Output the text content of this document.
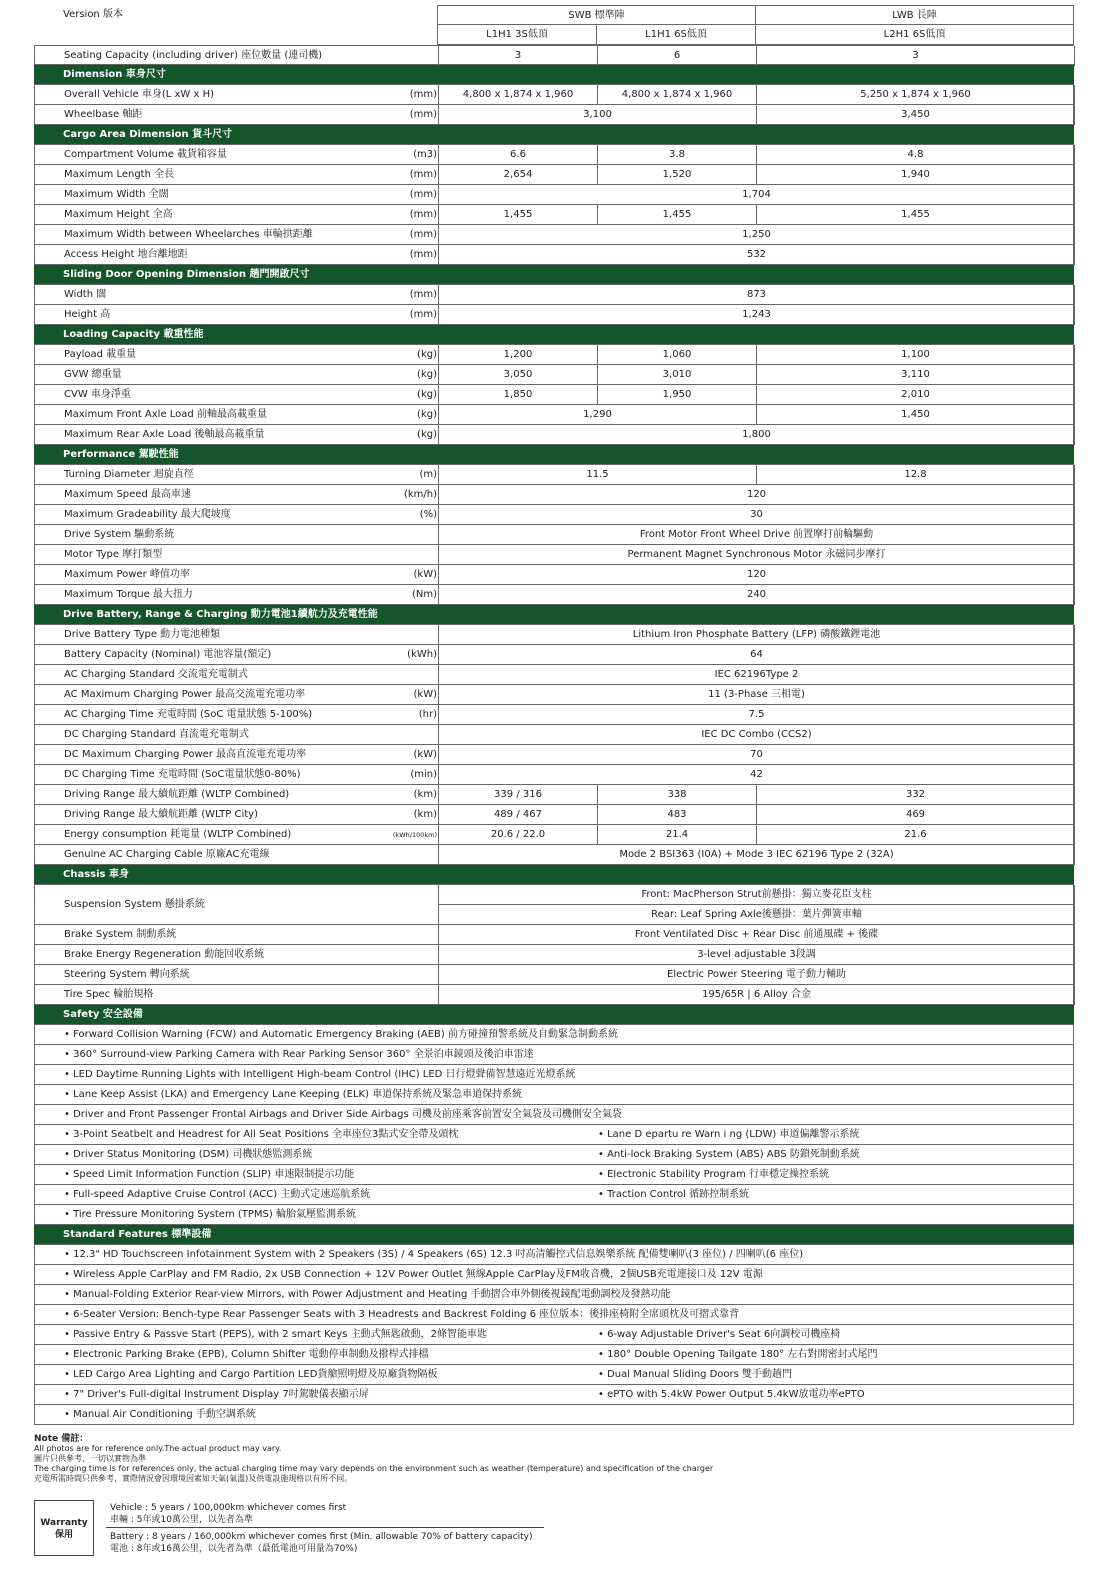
Version 版本	SWB 標準陣	LWB 長陣
L1H1 3S低頂	L1H1 6S低頂	L2H1 6S低頂
Seating Capacity (including driver) 座位數量 (連司機)	3	6	3
Dimension 車身尺寸
Overall Vehicle 車身(L xW x H)	(mm)	4,800 x 1,874 x 1,960	4,800 x 1,874 x 1,960	5,250 x 1,874 x 1,960
Wheelbase 軸距	(mm)	3,100	3,450
Cargo Area Dimension 貨斗尺寸
Compartment Volume 載貨箱容量	(m3)	6.6	3.8	4.8
Maximum Length 全長	(mm)	2,654	1,520	1,940
Maximum Width 全闊	(mm)	1,704
Maximum Height 全高	(mm)	1,455	1,455	1,455
Maximum Width between Wheelarches 車輪拱距離	(mm)	1,250
Access Height 地台離地距	(mm)	532
Sliding Door Opening Dimension 趟門開啟尺寸
Width 闊	(mm)	873
Height 高	(mm)	1,243
Loading Capacity 載重性能
Payload 載重量	(kg)	1,200	1,060	1,100
GVW 總重量	(kg)	3,050	3,010	3,110
CVW 車身淨重	(kg)	1,850	1,950	2,010
Maximum Front Axle Load 前軸最高載重量	(kg)	1,290	1,450
Maximum Rear Axle Load 後軸最高載重量	(kg)	1,800
Performance 駕駛性能
Turning Diameter 迴旋直徑	(m)	11.5	12.8
Maximum Speed 最高車速	(km/h)	120
Maximum Gradeability 最大爬坡度	(%)	30
Drive System 驅動系統	Front Motor Front Wheel Drive 前置摩打前輪驅動
Motor Type 摩打類型	Permanent Magnet Synchronous Motor 永磁同步摩打
Maximum Power 峰值功率	(kW)	120
Maximum Torque 最大扭力	(Nm)	240
Drive Battery, Range & Charging 動力電池1續航力及充電性能
Drive Battery Type 動力電池種類	Lithium Iron Phosphate Battery (LFP) 磷酸鐵鋰電池
Battery Capacity (Nominal) 電池容量(額定)	(kWh)	64
AC Charging Standard 交流電充電制式	IEC 62196Type 2
AC Maximum Charging Power 最高交流電充電功率	(kW)	11 (3-Phase 三相電)
AC Charging Time 充電時間 (SoC 電量狀態 5-100%)	(hr)	7.5
DC Charging Standard 直流電充電制式	IEC DC Combo (CCS2)
DC Maximum Charging Power 最高直流電充電功率	(kW)	70
DC Charging Time 充電時間 (SoC電量狀態0-80%)	(min)	42
Driving Range 最大續航距離 (WLTP Combined)	(km)	339 / 316	338	332
Driving Range 最大續航距離 (WLTP City)	(km)	489 / 467	483	469
Energy consumption 耗電量 (WLTP Combined)	(kWh/100km)	20.6 / 22.0	21.4	21.6
Genuine AC Charging Cable 原廠AC充電線	Mode 2 BSI363 (I0A) + Mode 3 IEC 62196 Type 2 (32A)
Chassis 車身
Suspension System 懸掛系統
Front: MacPherson Strut前懸掛：獨立麥花臣支柱
Rear: Leaf Spring Axle後懸掛：葉片彈簧車軸
Brake System 制動系統	Front Ventilated Disc + Rear Disc 前通風碟 + 後碟
Brake Energy Regeneration 動能回收系統	3-level adjustable 3段調
Steering System 轉向系統	Electric Power Steering 電子動力輔助
Tire Spec 輪胎規格	195/65R | 6 Alloy 合金
Safety 安全設備
• Forward Collision Warning (FCW) and Automatic Emergency Braking (AEB) 前方碰撞預警系統及自動緊急制動系統
• 360° Surround-view Parking Camera with Rear Parking Sensor 360° 全景泊車鏡頭及後泊車雷達
• LED Daytime Running Lights with Intelligent High-beam Control (IHC) LED 日行燈聲備智慧遠近光燈系統
• Lane Keep Assist (LKA) and Emergency Lane Keeping (ELK) 車道保持系統及緊急車道保持系統
• Driver and Front Passenger Frontal Airbags and Driver Side Airbags 司機及前座乘客前置安全氣袋及司機側安全氣袋
• 3-Point Seatbelt and Headrest for All Seat Positions 全車座位3點式安全帶及頭枕	• Lane D epartu re Warn i ng (LDW) 車道偏離警示系統
• Driver Status Monitoring (DSM) 司機狀態監測系統	• Anti-lock Braking System (ABS) ABS 防鎖死制動系統
• Speed Limit Information Function (SLIP) 車速限制提示功能	• Electronic Stability Program 行車穩定操控系統
• Full-speed Adaptive Cruise Control (ACC) 主動式定速巡航系統	• Traction Control 循跡控制系統
• Tire Pressure Monitoring System (TPMS) 輪胎氣壓監測系統
Standard Features 標準設備
• 12.3" HD Touchscreen Infotainment System with 2 Speakers (3S) / 4 Speakers (6S) 12.3 吋高清觸控式信息娛樂系統 配備雙喇叭(3 座位) / 四喇叭(6 座位)
• Wireless Apple CarPlay and FM Radio, 2x USB Connection + 12V Power Outlet 無線Apple CarPlay及FM收音機，2個USB充電連接口及 12V 電源
• Manual-Folding Exterior Rear-view Mirrors, with Power Adjustment and Heating 手動摺合車外側後視鏡配電動調校及發熱功能
• 6-Seater Version: Bench-type Rear Passenger Seats with 3 Headrests and Backrest Folding 6 座位版本：後排座椅附全席頭枕及可摺式靠背
• Passive Entry & Passve Start (PEPS), with 2 smart Keys 主動式無匙啟動，2條智能車匙	• 6-way Adjustable Driver's Seat 6向調校司機座椅
• Electronic Parking Brake (EPB), Column Shifter 電動停車制動及撥桿式排檔	• 180° Double Opening Tailgate 180° 左右對開密封式尾門
• LED Cargo Area Lighting and Cargo Partition LED貨艙照明燈及原廠貨物隔板	• Dual Manual Sliding Doors 雙手動趟門
• 7" Driver's Full-digital Instrument Display 7吋駕駛儀表顯示屏	• ePTO with 5.4kW Power Output 5.4kW放電功率ePTO
• Manual Air Conditioning 手動空調系統
Note 備註：
All photos are for reference only.The actual product may vary.
圖片只供參考，一切以實物為準
The charging time is for references only, the actual charging time may vary depends on the environment such as weather (temperature) and specification of the charger
充電所需時間只供參考，實際情況會因環境因素如天氣(氣溫)及供電設施規格以有所不同。
Warranty
保用
Vehicle : 5 years / 100,000km whichever comes first
車輛 : 5年或10萬公里，以先者為準
Battery : 8 years / 160,000km whichever comes first (Min. allowable 70% of battery capacity)
電池 : 8年或16萬公里，以先者為準（最低電池可用量為70%)
